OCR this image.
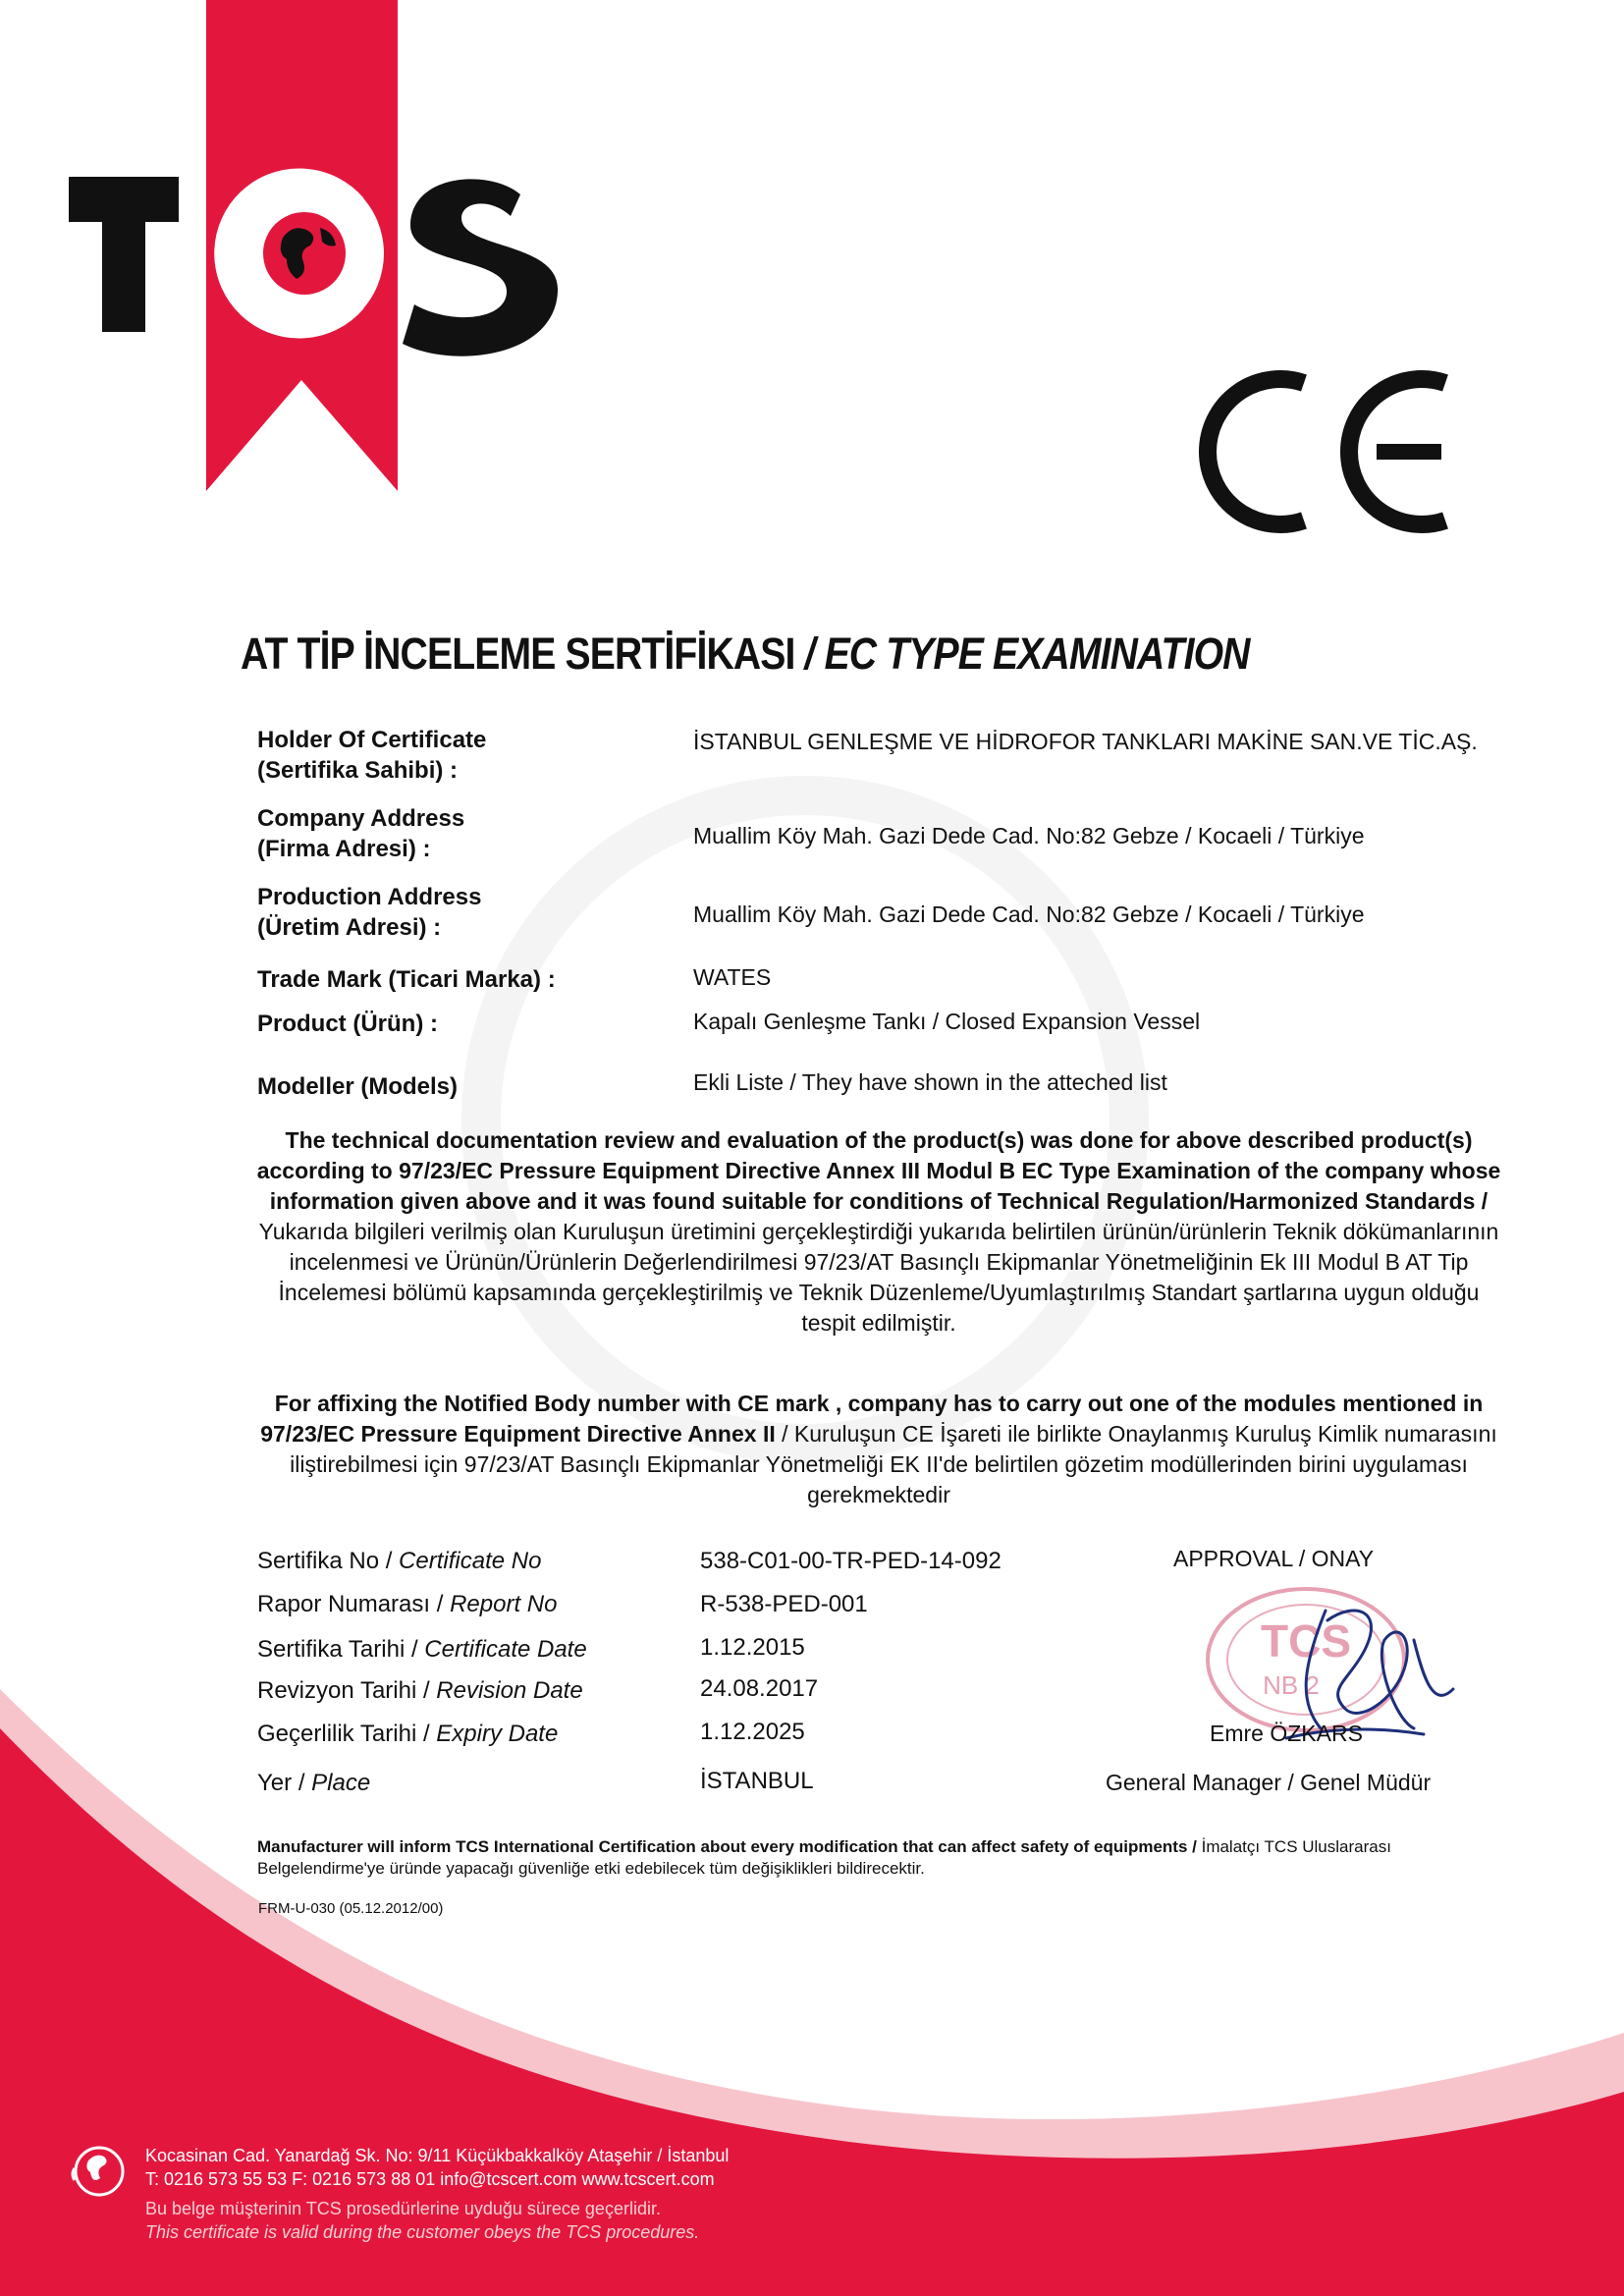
TCS
CE
AT TİP İNCELEME SERTİFİKASI / EC TYPE EXAMINATION
Holder Of Certificate
(Sertifika Sahibi) :
İSTANBUL GENLEŞME VE HİDROFOR TANKLARI MAKİNE SAN.VE TİC.AŞ.
Company Address
(Firma Adresi) :	Muallim Köy Mah. Gazi Dede Cad. No:82 Gebze / Kocaeli / Türkiye
Production Address
(Üretim Adresi) :	Muallim Köy Mah. Gazi Dede Cad. No:82 Gebze / Kocaeli / Türkiye
Trade Mark (Ticari Marka) :	WATES
Product (Ürün) :	Kapalı Genleşme Tankı / Closed Expansion Vessel
Modeller (Models)	Ekli Liste / They have shown in the atteched list
The technical documentation review and evaluation of the product(s) was done for above described product(s) according to 97/23/EC Pressure Equipment Directive Annex III Modul B EC Type Examination of the company whose information given above and it was found suitable for conditions of Technical Regulation/Harmonized Standards / Yukarıda bilgileri verilmiş olan Kuruluşun üretimini gerçekleştirdiği yukarıda belirtilen ürünün/ürünlerin Teknik dökümanlarının incelenmesi ve Ürünün/Ürünlerin Değerlendirilmesi 97/23/AT Basınçlı Ekipmanlar Yönetmeliğinin Ek III Modul B AT Tip İncelemesi bölümü kapsamında gerçekleştirilmiş ve Teknik Düzenleme/Uyumlaştırılmış Standart şartlarına uygun olduğu tespit edilmiştir.
For affixing the Notified Body number with CE mark , company has to carry out one of the modules mentioned in 97/23/EC Pressure Equipment Directive Annex II / Kuruluşun CE İşareti ile birlikte Onaylanmış Kuruluş Kimlik numarasını iliştirebilmesi için 97/23/AT Basınçlı Ekipmanlar Yönetmeliği EK II'de belirtilen gözetim modüllerinden birini uygulaması gerekmektedir
Sertifika No / Certificate No	538-C01-00-TR-PED-14-092
Rapor Numarası / Report No	R-538-PED-001
Sertifika Tarihi / Certificate Date	1.12.2015
Revizyon Tarihi / Revision Date	24.08.2017
Geçerlilik Tarihi / Expiry Date	1.12.2025
Yer / Place	İSTANBUL
APPROVAL / ONAY
TCS
NB 2
Emre ÖZKARS
General Manager / Genel Müdür
Manufacturer will inform TCS International Certification about every modification that can affect safety of equipments / İmalatçı TCS Uluslararası Belgelendirme'ye üründe yapacağı güvenliğe etki edebilecek tüm değişiklikleri bildirecektir.
FRM-U-030 (05.12.2012/00)
Kocasinan Cad. Yanardağ Sk. No: 9/11 Küçükbakkalköy Ataşehir / İstanbul
T: 0216 573 55 53 F: 0216 573 88 01 info@tcscert.com www.tcscert.com
Bu belge müşterinin TCS prosedürlerine uyduğu sürece geçerlidir.
This certificate is valid during the customer obeys the TCS procedures.
